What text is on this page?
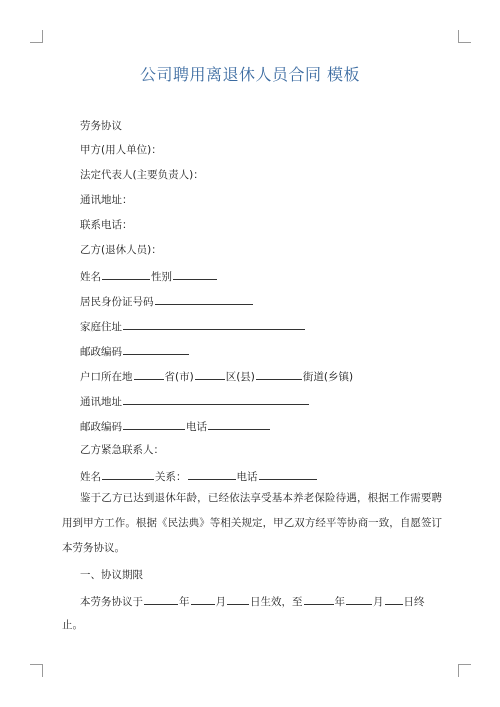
公司聘用离退休人员合同 模板
劳务协议
甲方(用人单位)：
法定代表人(主要负责人)：
通讯地址：
联系电话：
乙方(退休人员)：
姓名	性别
居民身份证号码
家庭住址
邮政编码
户口所在地	省(市)	区(县)	街道(乡镇)
通讯地址
邮政编码	电话
乙方紧急联系人：
姓名	关系：	电话
鉴于乙方已达到退休年龄，已经依法享受基本养老保险待遇，根据工作需要聘用到甲方工作。根据《民法典》等相关规定，甲乙双方经平等协商一致，自愿签订本劳务协议。
一、协议期限
本劳务协议于	年 月 日生效，至	年	月 日终
止。
